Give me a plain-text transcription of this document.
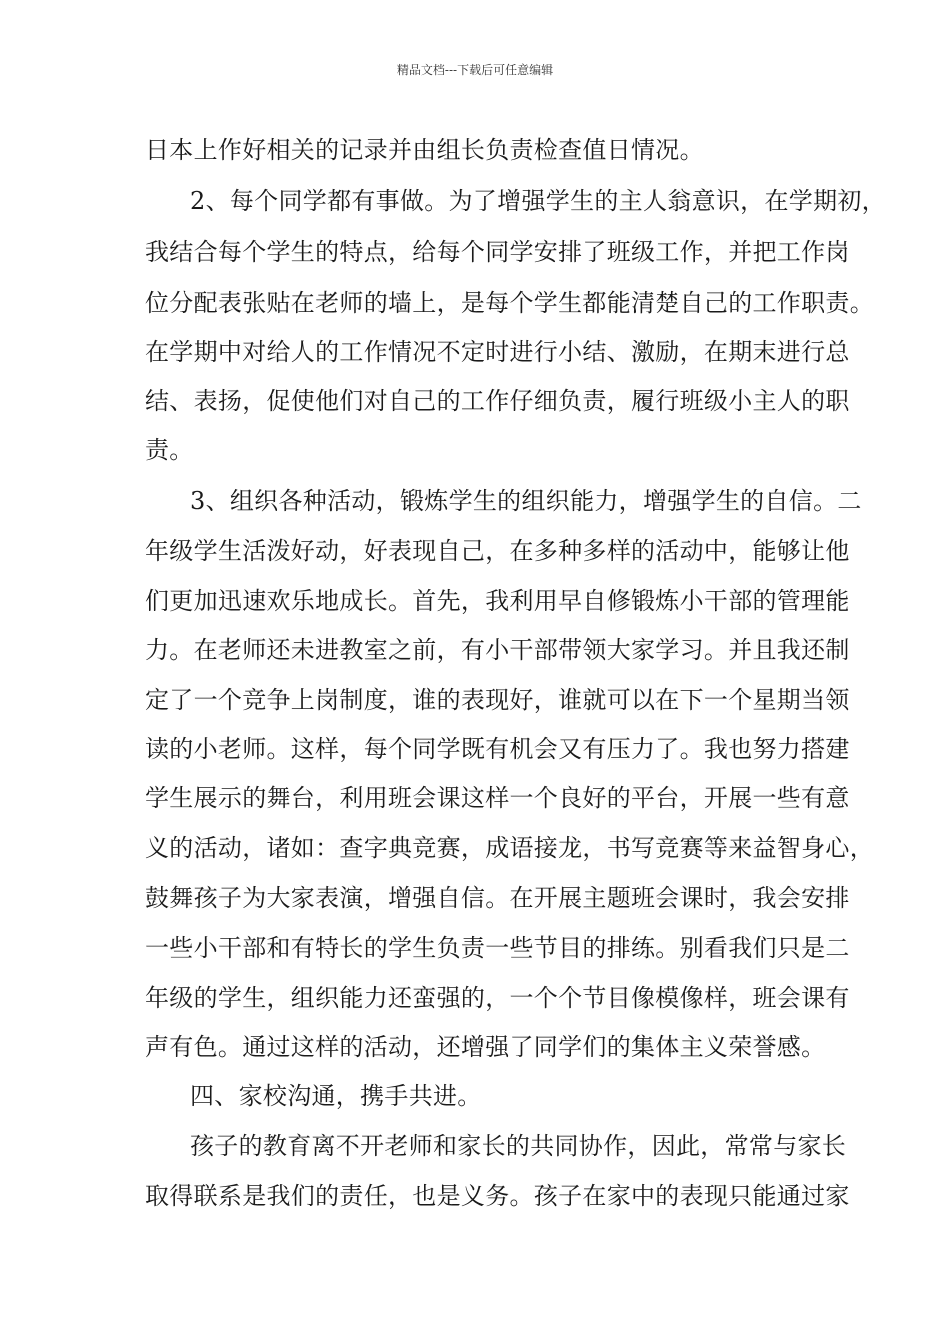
精品文档---下载后可任意编辑
日本上作好相关的记录并由组长负责检查值日情况。
2、每个同学都有事做。为了增强学生的主人翁意识，在学期初，
我结合每个学生的特点，给每个同学安排了班级工作，并把工作岗
位分配表张贴在老师的墙上，是每个学生都能清楚自己的工作职责。
在学期中对给人的工作情况不定时进行小结、激励，在期末进行总
结、表扬，促使他们对自己的工作仔细负责，履行班级小主人的职
责。
3、组织各种活动，锻炼学生的组织能力，增强学生的自信。二
年级学生活泼好动，好表现自己，在多种多样的活动中，能够让他
们更加迅速欢乐地成长。首先，我利用早自修锻炼小干部的管理能
力。在老师还未进教室之前，有小干部带领大家学习。并且我还制
定了一个竞争上岗制度，谁的表现好，谁就可以在下一个星期当领
读的小老师。这样，每个同学既有机会又有压力了。我也努力搭建
学生展示的舞台，利用班会课这样一个良好的平台，开展一些有意
义的活动，诸如：查字典竞赛，成语接龙，书写竞赛等来益智身心，
鼓舞孩子为大家表演，增强自信。在开展主题班会课时，我会安排
一些小干部和有特长的学生负责一些节目的排练。别看我们只是二
年级的学生，组织能力还蛮强的，一个个节目像模像样，班会课有
声有色。通过这样的活动，还增强了同学们的集体主义荣誉感。
四、家校沟通，携手共进。
孩子的教育离不开老师和家长的共同协作，因此，常常与家长
取得联系是我们的责任，也是义务。孩子在家中的表现只能通过家
